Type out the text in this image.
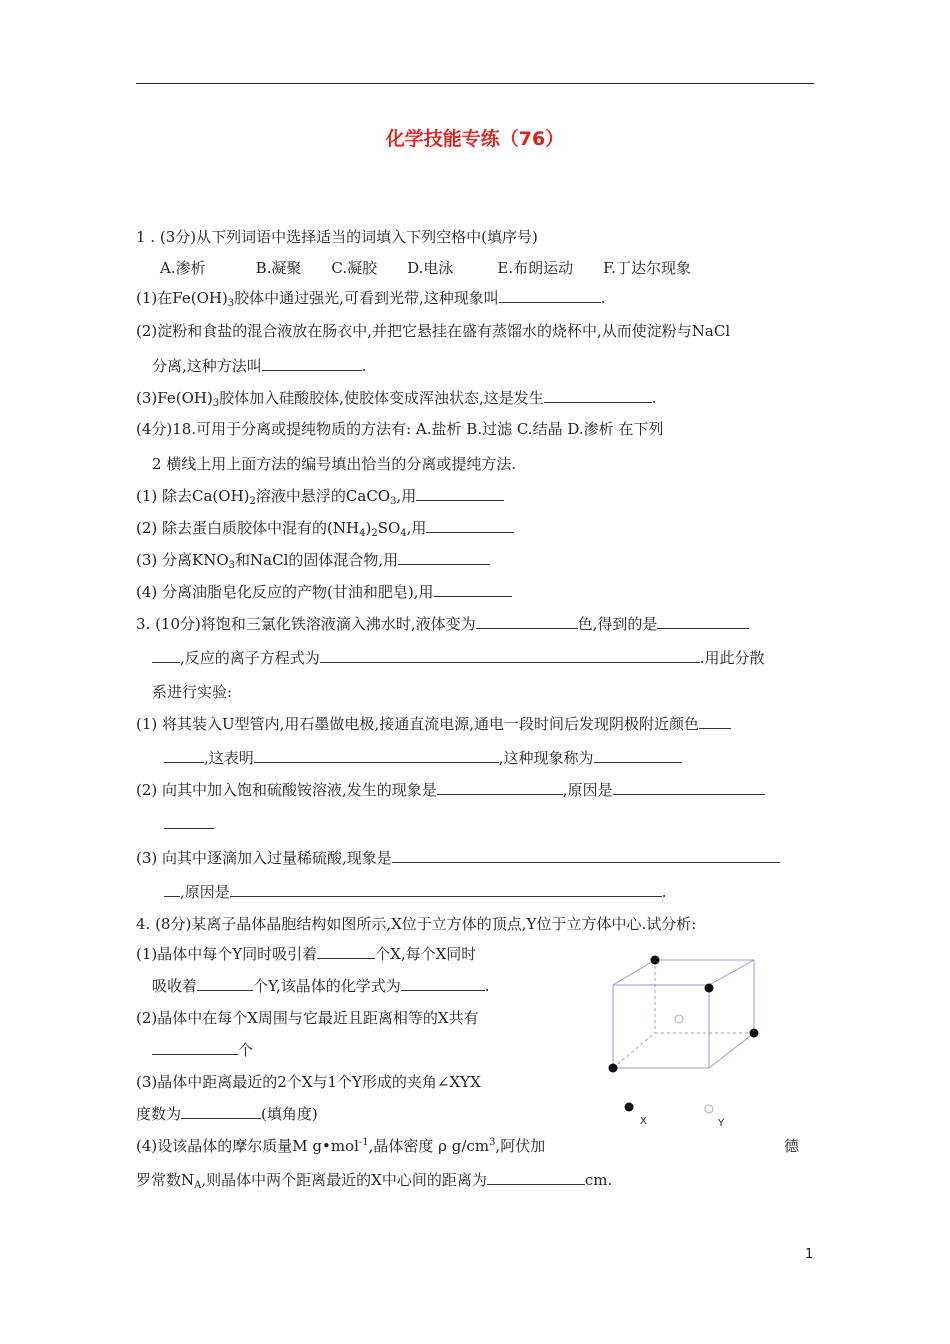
化学技能专练（76）
1 . (3分)从下列词语中选择适当的词填入下列空格中(填序号)
A.渗析	B.凝聚 C.凝胶 D.电泳	E.布朗运动 F.丁达尔现象
(1)在$Fe(OH)_3$胶体中通过强光,可看到光带,这种现象叫	.
(2)淀粉和食盐的混合液放在肠衣中,并把它悬挂在盛有蒸馏水的烧杯中,从而使淀粉与NaCl
分离,这种方法叫	.
$(3)Fe(OH)_3$胶体加入硅酸胶体,使胶体变成浑浊状态,这是发生	.
(4分)18.可用于分离或提纯物质的方法有: A.盐析 B.过滤 C.结晶 D.渗析 在下列
2 横线上用上面方法的编号填出恰当的分离或提纯方法.
(1) 除去$Ca(OH)_2$溶液中悬浮的CaCO$_3$,用
(2) 除去蛋白质胶体中混有的$(NH_4)_2SO_4$,用
(3) 分离$KNO_3$和NaCl的固体混合物,用
(4) 分离油脂皂化反应的产物(甘油和肥皂),用
3. (10分)将饱和三氯化铁溶液滴入沸水时,液体变为	色,得到的是
,反应的离子方程式为	.用此分散
系进行实验:
(1) 将其装入U型管内,用石墨做电极,接通直流电源,通电一段时间后发现阴极附近颜色
,这表明	,这种现象称为
(2) 向其中加入饱和硫酸铵溶液,发生的现象是	,原因是
(3) 向其中逐滴加入过量稀硫酸,现象是
,原因是	.
4. (8分)某离子晶体晶胞结构如图所示,X位于立方体的顶点,Y位于立方体中心.试分析:
(1)晶体中每个Y同时吸引着	个X,每个X同时
吸收着	个Y,该晶体的化学式为	.
(2)晶体中在每个X周围与它最近且距离相等的X共有
个
(3)晶体中距离最近的2个X与1个Y形成的夹角∠XYX
度数为	(填角度)
(4)设该晶体的摩尔质量M g•mol$^{-1}$,晶体密度 ρ $g/cm^3$,阿伏加	德
罗常数$N_A$,则晶体中两个距离最近的X中心间的距离为	cm.
X	Y
1
